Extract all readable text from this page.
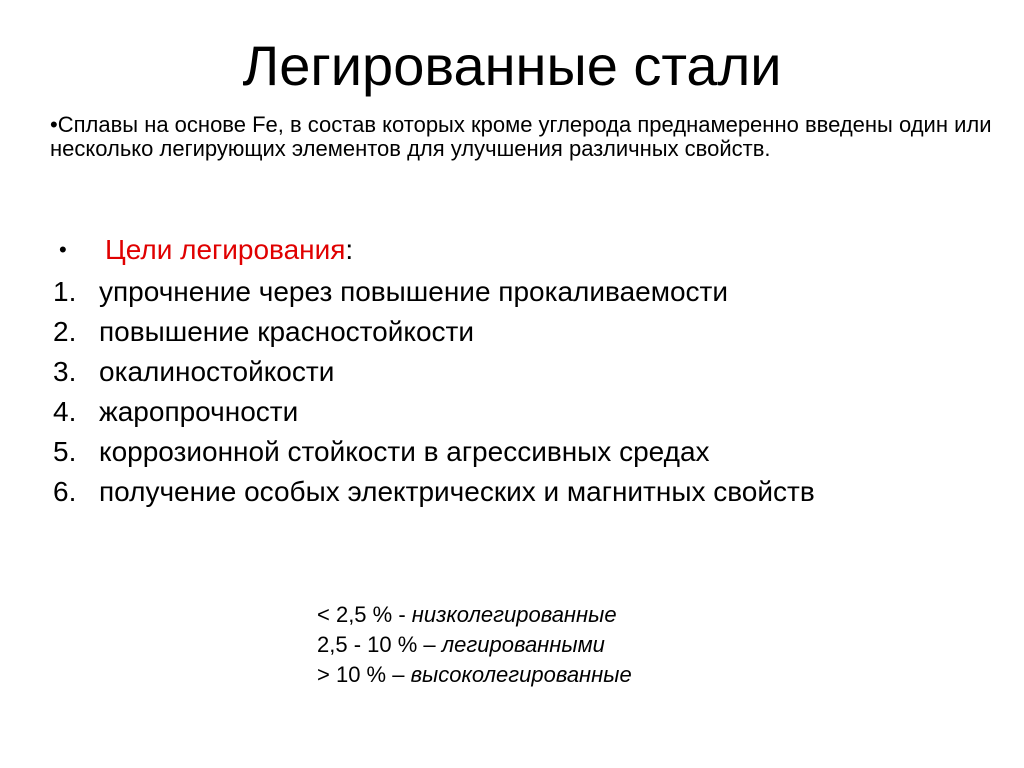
Легированные стали

•Сплавы на основе Fe, в состав которых кроме углерода преднамеренно введены один или несколько легирующих элементов для улучшения различных свойств.

•	Цели легирования:
1. упрочнение через повышение прокаливаемости
2. повышение красностойкости
3. окалиностойкости
4. жаропрочности
5. коррозионной стойкости в агрессивных средах
6. получение особых электрических и магнитных свойств
< 2,5 % - низколегированные
2,5 - 10 % – легированными
> 10 % – высоколегированные
